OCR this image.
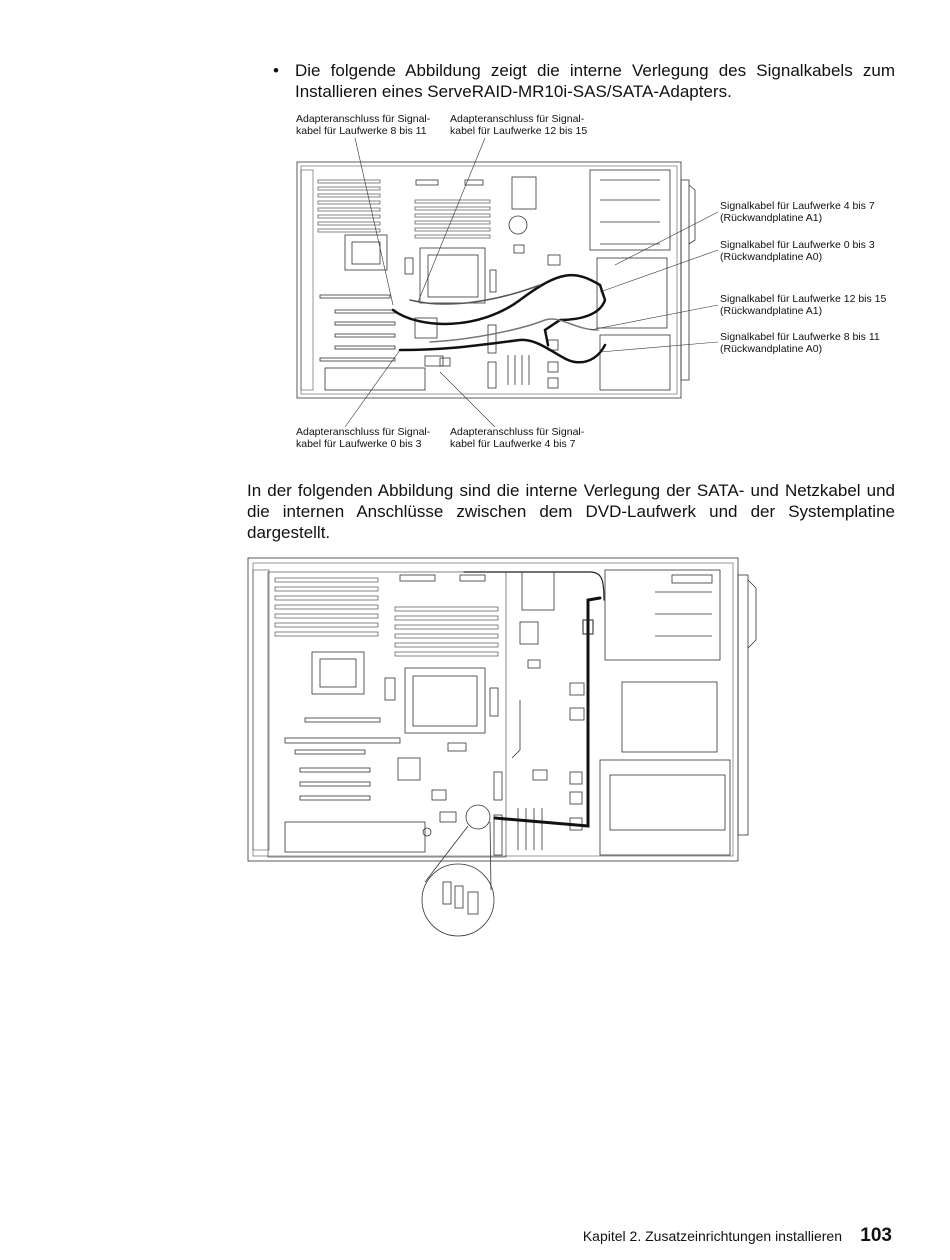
• Die folgende Abbildung zeigt die interne Verlegung des Signalkabels zum Installieren eines ServeRAID-MR10i-SAS/SATA-Adapters.
Adapteranschluss für Signal-
kabel für Laufwerke 8 bis 11
Adapteranschluss für Signal-
kabel für Laufwerke 12 bis 15
Signalkabel für Laufwerke 4 bis 7
(Rückwandplatine A1)
Signalkabel für Laufwerke 0 bis 3
(Rückwandplatine A0)
Signalkabel für Laufwerke 12 bis 15
(Rückwandplatine A1)
Signalkabel für Laufwerke 8 bis 11
(Rückwandplatine A0)
Adapteranschluss für Signal-
kabel für Laufwerke 0 bis 3
Adapteranschluss für Signal-
kabel für Laufwerke 4 bis 7
In der folgenden Abbildung sind die interne Verlegung der SATA- und Netzkabel und die internen Anschlüsse zwischen dem DVD-Laufwerk und der Systemplatine dargestellt.
Kapitel 2. Zusatzeinrichtungen installieren 103
